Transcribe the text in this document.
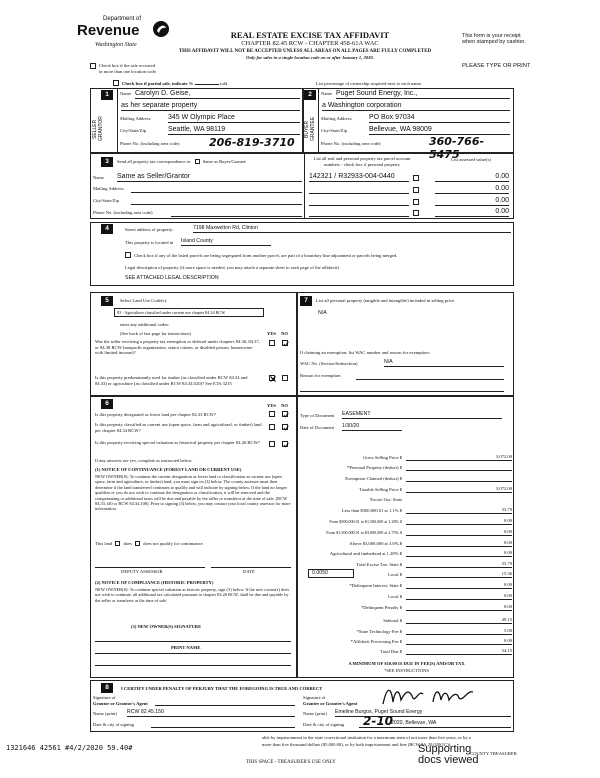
Department of
Revenue
Washington State
REAL ESTATE EXCISE TAX AFFIDAVIT
CHAPTER 82.45 RCW - CHAPTER 458-61A WAC
THIS AFFIDAVIT WILL NOT BE ACCEPTED UNLESS ALL AREAS ON ALL PAGES ARE FULLY COMPLETED
Only for sales in a single location code on or after January 1, 2020.
This form is your receipt
when stamped by cashier.
PLEASE TYPE OR PRINT
Check box if the sale occurred
in more than one location code.
Check box if partial sale, indicate %	sold.	List percentage of ownership acquired next to each name.
1
SELLER GRANTOR
Name Carolyn D. Geise,
as her separate property
Mailing Address	345 W Olympic Place
City/State/Zip	Seattle, WA 98119
Phone No. (including area code)	206-819-3710
2
BUYER GRANTEE
Name Puget Sound Energy, Inc.,
a Washington corporation
Mailing Address	PO Box 97034
City/State/Zip	Bellevue, WA 98009
Phone No. (including area code)	360-766-5475
3	Send all property tax correspondence to: Same as Buyer/Grantee
List all real and personal property tax parcel account numbers - check box if personal property
List assessed value(s)
Name Same as Seller/Grantor
Mailing Address
City/State/Zip
Phone No. (including area code)
142321 / R32933-004-0440	0.00
0.00
0.00
0.00
4	Street address of property:	7198 Maxwelton Rd, Clinton
This property is located in Island County
Check box if any of the listed parcels are being segregated from another parcel, are part of a boundary line adjustment or parcels being merged.
Legal description of property (if more space is needed, you may attach a separate sheet to each page of the affidavit)
SEE ATTACHED LEGAL DESCRIPTION
5	Select Land Use Code(s):
83 - Agriculture classified under current use chapter 84.34 RCW
enter any additional codes:
(See back of last page for instructions)	YES NO
Was the seller receiving a property tax exemption or deferral under chapters 84.36, 84.37, or 84.38 RCW (nonprofit organization, senior citizen, or disabled person, homeowner with limited income)?
Is this property predominantly used for timber (as classified under RCW 84.34 and 84.33) or agriculture (as classified under RCW 84.34.020)? See ETA 3215
7	List all personal property (tangible and intangible) included in selling price.
N/A
If claiming an exemption, list WAC number and reason for exemption:
WAC No. (Section/Subsection)	N/A
Reason for exemption
6	YES NO
Is this property designated as forest land per chapter 84.33 RCW?
Is this property classified as current use (open space, farm and agricultural, or timber) land per chapter 84.34 RCW?
Is this property receiving special valuation as historical property per chapter 84.26 RCW?
If any answers are yes, complete as instructed below.
(1) NOTICE OF CONTINUANCE (FOREST LAND OR CURRENT USE)
NEW OWNER(S): To continue the current designation as forest land or classification as current use (open space, farm and agriculture, or timber) land, you must sign on (3) below. The county assessor must then determine if the land transferred continues to qualify and will indicate by signing below. If the land no longer qualifies or you do not wish to continue the designation or classification, it will be removed and the compensating or additional taxes will be due and payable by the seller or transferor at the time of sale. (RCW 84.33.140 or RCW 84.34.108). Prior to signing (3) below, you may contact your local county assessor for more information.
This land does does not qualify for continuance.
DEPUTY ASSESSOR	DATE
(2) NOTICE OF COMPLIANCE (HISTORIC PROPERTY)
NEW OWNER(S): To continue special valuation as historic property, sign (3) below. If the new owner(s) does not wish to continue, all additional tax calculated pursuant to chapter 84.26 RCW, shall be due and payable by the seller or transferor at the time of sale.
(3) NEW OWNER(S) SIGNATURE
PRINT NAME
Type of Document EASEMENT
Date of Document 1/30/20
Gross Selling Price $	3,072.00
*Personal Property (deduct) $
Exemption Claimed (deduct) $
Taxable Selling Price $	3,072.00
Excise Tax: State
Less than $500,000.01 at 1.1% $	33.79
From $500,000.01 to $1,500,000 at 1.28% $	0.00
From $1,500,000.01 to $3,000,000 at 2.75% $	0.00
Above $3,000,000 at 3.0% $	0.00
Agricultural and timberland at 1.28% $	0.00
Total Excise Tax: State $	33.79
0.0050	Local $	15.36
*Delinquent Interest: State $	0.00
Local $	0.00
*Delinquent Penalty $	0.00
Subtotal $	49.15
*State Technology Fee $	5.00
*Affidavit Processing Fee $	0.00
Total Due $	54.15
A MINIMUM OF $10.00 IS DUE IN FEE(S) AND/OR TAX
*SEE INSTRUCTIONS
8	I CERTIFY UNDER PENALTY OF PERJURY THAT THE FOREGOING IS TRUE AND CORRECT
Signature of
Grantor or Grantor's Agent
Signature of
Grantee or Grantee's Agent
Name (print) RCW 82.45.150	Name (print) Emeline Burgos, Puget Sound Energy
Date & city of signing	Date & city of signing 2-10
2020, Bellevue, WA
able by imprisonment in the state correctional institution for a maximum term of not more than five years, or by a
more than five thousand dollars ($5,000.00), or by both imprisonment and fine (RCW 9A.20.020(1C)).
COUNTY TREASURER
THIS SPACE - TREASURER'S USE ONLY
1321646 42561 #4/2/2020 59.40#	Supporting
docs viewed
